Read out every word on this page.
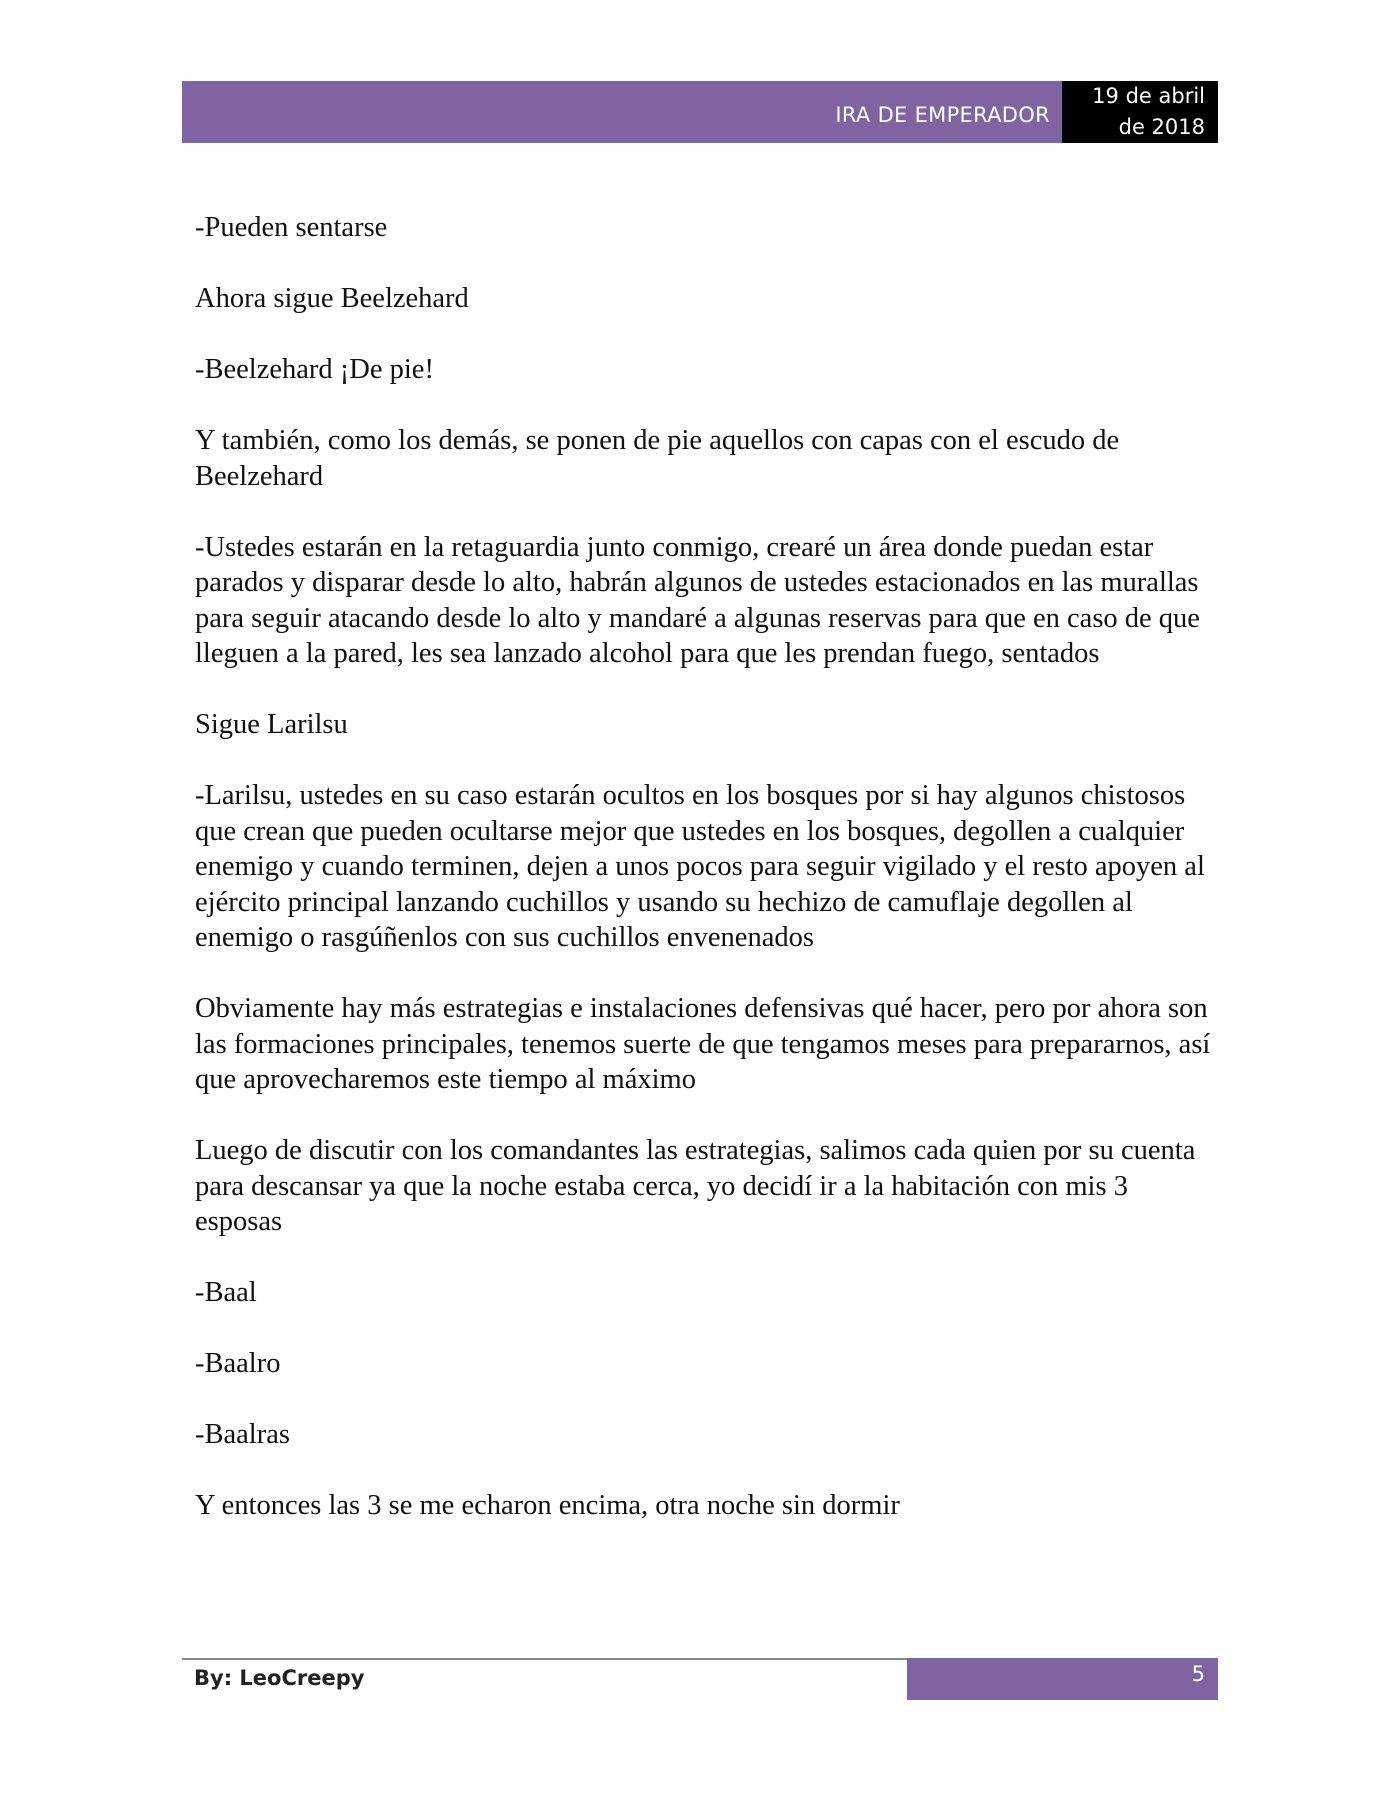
IRA DE EMPERADOR
19 de abril
de 2018

-Pueden sentarse

Ahora sigue Beelzehard

-Beelzehard ¡De pie!

Y también, como los demás, se ponen de pie aquellos con capas con el escudo de Beelzehard

-Ustedes estarán en la retaguardia junto conmigo, crearé un área donde puedan estar parados y disparar desde lo alto, habrán algunos de ustedes estacionados en las murallas para seguir atacando desde lo alto y mandaré a algunas reservas para que en caso de que lleguen a la pared, les sea lanzado alcohol para que les prendan fuego, sentados

Sigue Larilsu

-Larilsu, ustedes en su caso estarán ocultos en los bosques por si hay algunos chistosos que crean que pueden ocultarse mejor que ustedes en los bosques, degollen a cualquier enemigo y cuando terminen, dejen a unos pocos para seguir vigilado y el resto apoyen al ejército principal lanzando cuchillos y usando su hechizo de camuflaje degollen al enemigo o rasgúñenlos con sus cuchillos envenenados

Obviamente hay más estrategias e instalaciones defensivas qué hacer, pero por ahora son las formaciones principales, tenemos suerte de que tengamos meses para prepararnos, así que aprovecharemos este tiempo al máximo

Luego de discutir con los comandantes las estrategias, salimos cada quien por su cuenta para descansar ya que la noche estaba cerca, yo decidí ir a la habitación con mis 3 esposas

-Baal

-Baalro

-Baalras

Y entonces las 3 se me echaron encima, otra noche sin dormir

By: LeoCreepy	5
